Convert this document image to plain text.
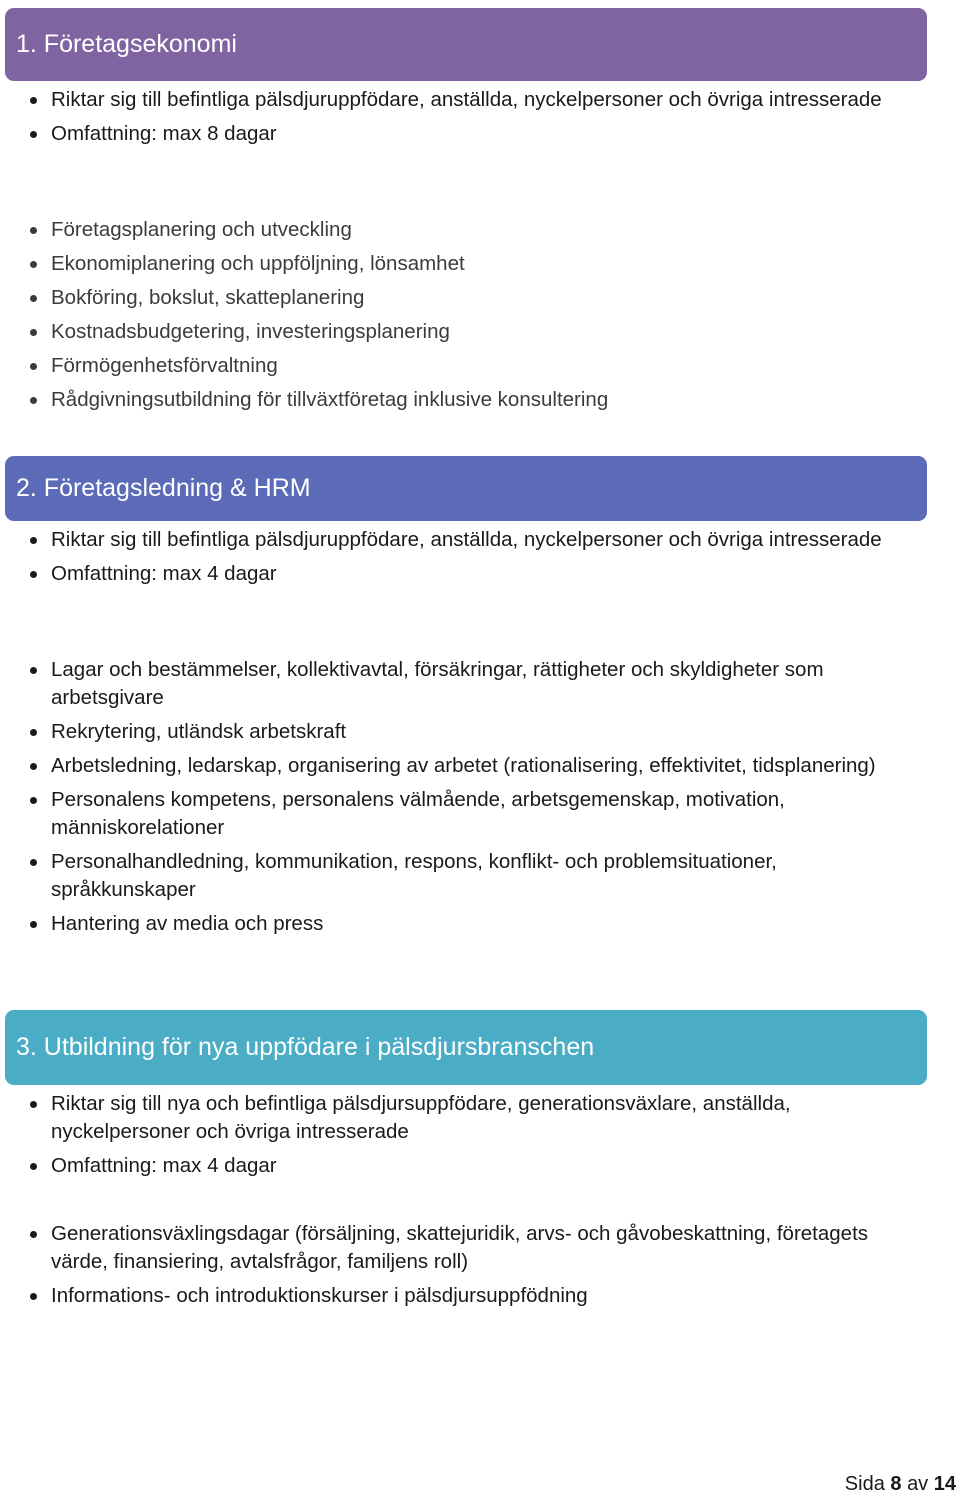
1. Företagsekonomi
Riktar sig till befintliga pälsdjuruppfödare, anställda, nyckelpersoner och övriga intresserade
Omfattning: max 8 dagar
Företagsplanering och utveckling
Ekonomiplanering och uppföljning, lönsamhet
Bokföring, bokslut, skatteplanering
Kostnadsbudgetering, investeringsplanering
Förmögenhetsförvaltning
Rådgivningsutbildning för tillväxtföretag inklusive konsultering
2. Företagsledning & HRM
Riktar sig till befintliga pälsdjuruppfödare, anställda, nyckelpersoner och övriga intresserade
Omfattning: max 4 dagar
Lagar och bestämmelser, kollektivavtal, försäkringar, rättigheter och skyldigheter som arbetsgivare
Rekrytering, utländsk arbetskraft
Arbetsledning, ledarskap, organisering av arbetet (rationalisering, effektivitet, tidsplanering)
Personalens kompetens, personalens välmående, arbetsgemenskap, motivation, människorelationer
Personalhandledning, kommunikation, respons, konflikt- och problemsituationer, språkkunskaper
Hantering av media och press
3. Utbildning för nya uppfödare i pälsdjursbranschen
Riktar sig till nya och befintliga pälsdjursuppfödare, generationsväxlare, anställda, nyckelpersoner och övriga intresserade
Omfattning: max 4 dagar
Generationsväxlingsdagar (försäljning, skattejuridik, arvs- och gåvobeskattning, företagets värde, finansiering, avtalsfrågor, familjens roll)
Informations- och introduktionskurser i pälsdjursuppfödning
Sida 8 av 14
